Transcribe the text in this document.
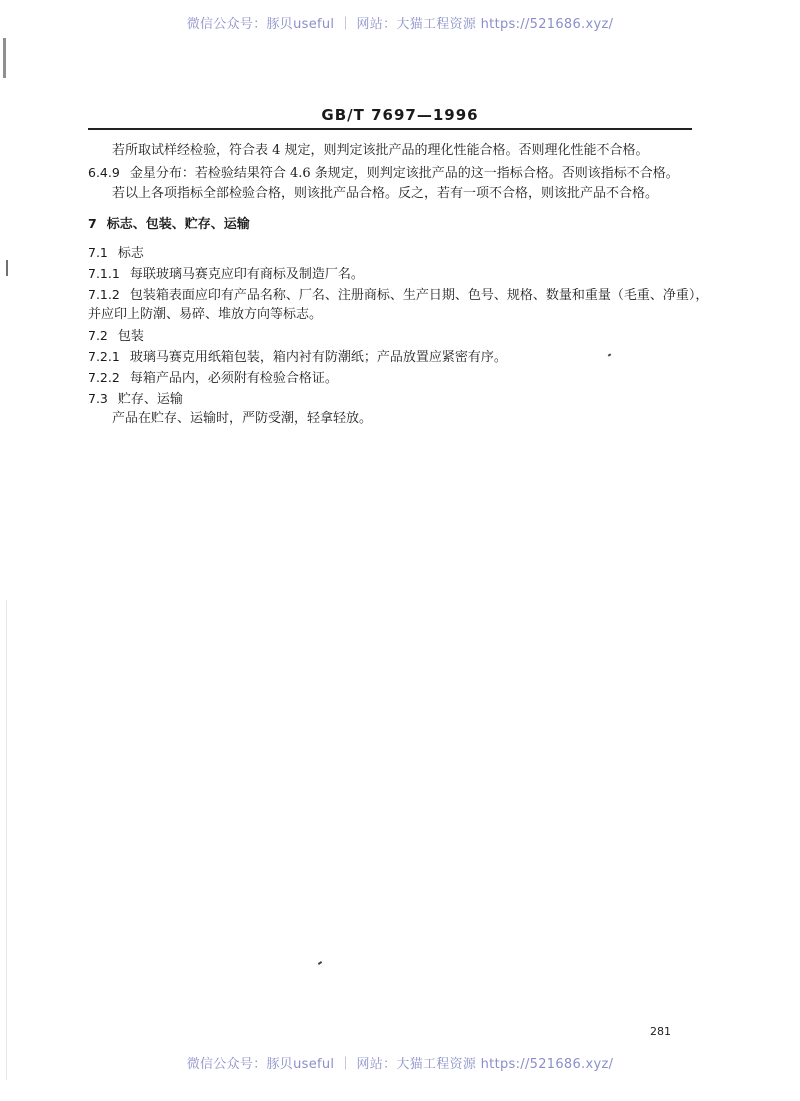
微信公众号：豚贝useful ｜ 网站：大猫工程资源 https://521686.xyz/
GB/T 7697—1996
若所取试样经检验，符合表 4 规定，则判定该批产品的理化性能合格。否则理化性能不合格。
6.4.9 金星分布：若检验结果符合 4.6 条规定，则判定该批产品的这一指标合格。否则该指标不合格。
若以上各项指标全部检验合格，则该批产品合格。反之，若有一项不合格，则该批产品不合格。
7 标志、包装、贮存、运输
7.1 标志
7.1.1 每联玻璃马赛克应印有商标及制造厂名。
7.1.2 包装箱表面应印有产品名称、厂名、注册商标、生产日期、色号、规格、数量和重量（毛重、净重），
并应印上防潮、易碎、堆放方向等标志。
7.2 包装
7.2.1 玻璃马赛克用纸箱包装，箱内衬有防潮纸；产品放置应紧密有序。
7.2.2 每箱产品内，必须附有检验合格证。
7.3 贮存、运输
产品在贮存、运输时，严防受潮，轻拿轻放。
281
微信公众号：豚贝useful ｜ 网站：大猫工程资源 https://521686.xyz/
